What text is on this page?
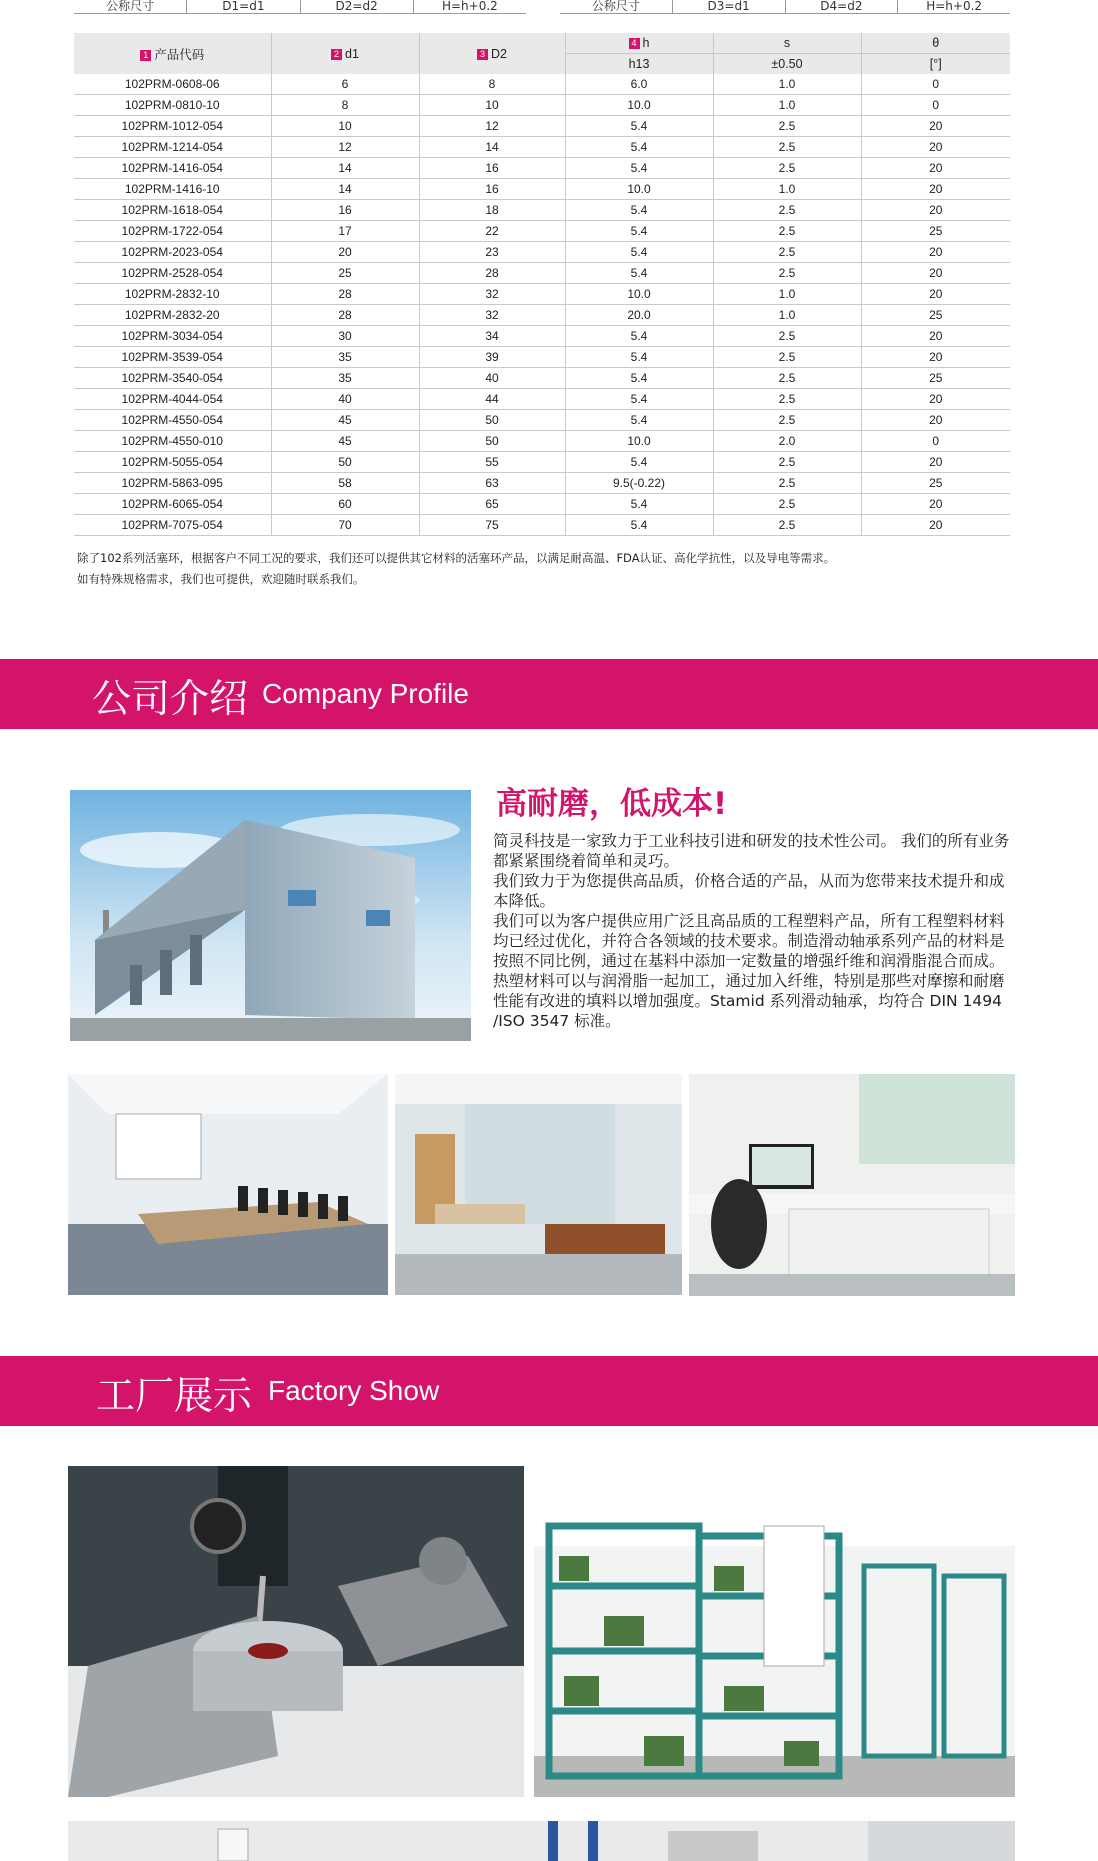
公称尺寸	D1=d1	D2=d2	H=h+0.2	公称尺寸	D3=d1	D4=d2	H=h+0.2
1 产品代码	2 d1	3 D2	4 h	s	θ
			h13	±0.50	[°]
102PRM-0608-06	6	8	6.0	1.0	0
102PRM-0810-10	8	10	10.0	1.0	0
102PRM-1012-054	10	12	5.4	2.5	20
102PRM-1214-054	12	14	5.4	2.5	20
102PRM-1416-054	14	16	5.4	2.5	20
102PRM-1416-10	14	16	10.0	1.0	20
102PRM-1618-054	16	18	5.4	2.5	20
102PRM-1722-054	17	22	5.4	2.5	25
102PRM-2023-054	20	23	5.4	2.5	20
102PRM-2528-054	25	28	5.4	2.5	20
102PRM-2832-10	28	32	10.0	1.0	20
102PRM-2832-20	28	32	20.0	1.0	25
102PRM-3034-054	30	34	5.4	2.5	20
102PRM-3539-054	35	39	5.4	2.5	20
102PRM-3540-054	35	40	5.4	2.5	25
102PRM-4044-054	40	44	5.4	2.5	20
102PRM-4550-054	45	50	5.4	2.5	20
102PRM-4550-010	45	50	10.0	2.0	0
102PRM-5055-054	50	55	5.4	2.5	20
102PRM-5863-095	58	63	9.5(-0.22)	2.5	25
102PRM-6065-054	60	65	5.4	2.5	20
102PRM-7075-054	70	75	5.4	2.5	20
除了102系列活塞环，根据客户不同工况的要求，我们还可以提供其它材料的活塞环产品，以满足耐高温、FDA认证、高化学抗性，以及导电等需求。
如有特殊规格需求，我们也可提供，欢迎随时联系我们。
公司介绍 Company Profile
高耐磨，低成本!

简灵科技是一家致力于工业科技引进和研发的技术性公司。 我们的所有业务都紧紧围绕着简单和灵巧。

我们致力于为您提供高品质，价格合适的产品，从而为您带来技术提升和成本降低。

我们可以为客户提供应用广泛且高品质的工程塑料产品，所有工程塑料材料均已经过优化，并符合各领域的技术要求。制造滑动轴承系列产品的材料是按照不同比例，通过在基料中添加一定数量的增强纤维和润滑脂混合而成。热塑材料可以与润滑脂一起加工，通过加入纤维，特别是那些对摩擦和耐磨性能有改进的填料以增加强度。Stamid 系列滑动轴承，均符合 DIN 1494 /ISO 3547 标准。

工厂展示 Factory Show
